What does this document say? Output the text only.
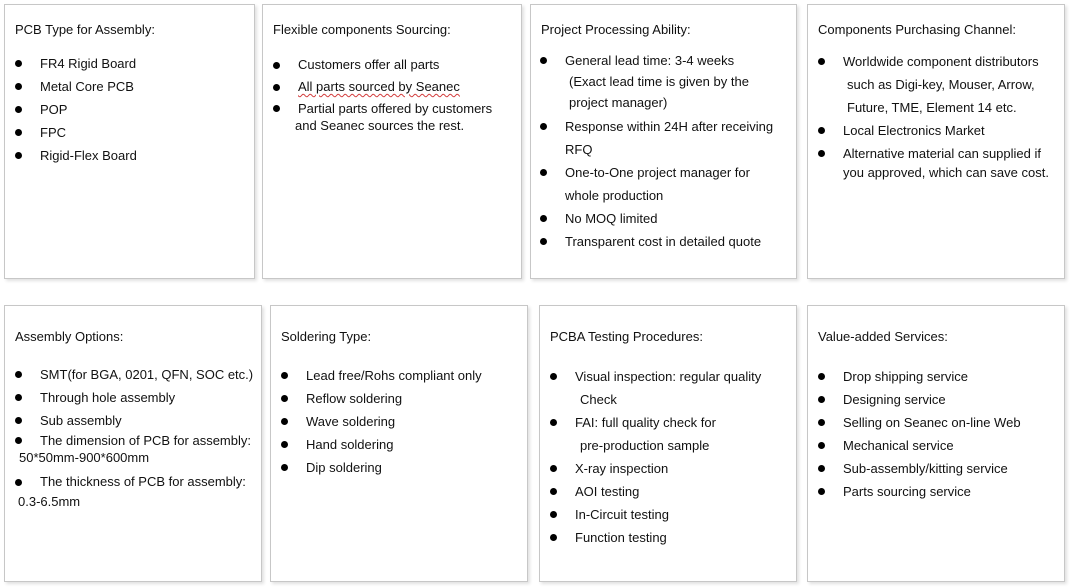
PCB Type for Assembly:
FR4 Rigid Board
Metal Core PCB
POP
FPC
Rigid-Flex Board
Flexible components Sourcing:
Customers offer all parts
All parts sourced by Seanec
Partial parts offered by customers
and Seanec sources the rest.
Project Processing Ability:
General lead time: 3-4 weeks
(Exact lead time is given by the
project manager)
Response within 24H after receiving
RFQ
One-to-One project manager for
whole production
No MOQ limited
Transparent cost in detailed quote
Components Purchasing Channel:
Worldwide component distributors
such as Digi-key, Mouser, Arrow,
Future, TME, Element 14 etc.
Local Electronics Market
Alternative material can supplied if
you approved, which can save cost.
Assembly Options:
SMT(for BGA, 0201, QFN, SOC etc.)
Through hole assembly
Sub assembly
The dimension of PCB for assembly:
50*50mm-900*600mm
The thickness of PCB for assembly:
0.3-6.5mm
Soldering Type:
Lead free/Rohs compliant only
Reflow soldering
Wave soldering
Hand soldering
Dip soldering
PCBA Testing Procedures:
Visual inspection: regular quality
Check
FAI: full quality check for
pre-production sample
X-ray inspection
AOI testing
In-Circuit testing
Function testing
Value-added Services:
Drop shipping service
Designing service
Selling on Seanec on-line Web
Mechanical service
Sub-assembly/kitting service
Parts sourcing service
